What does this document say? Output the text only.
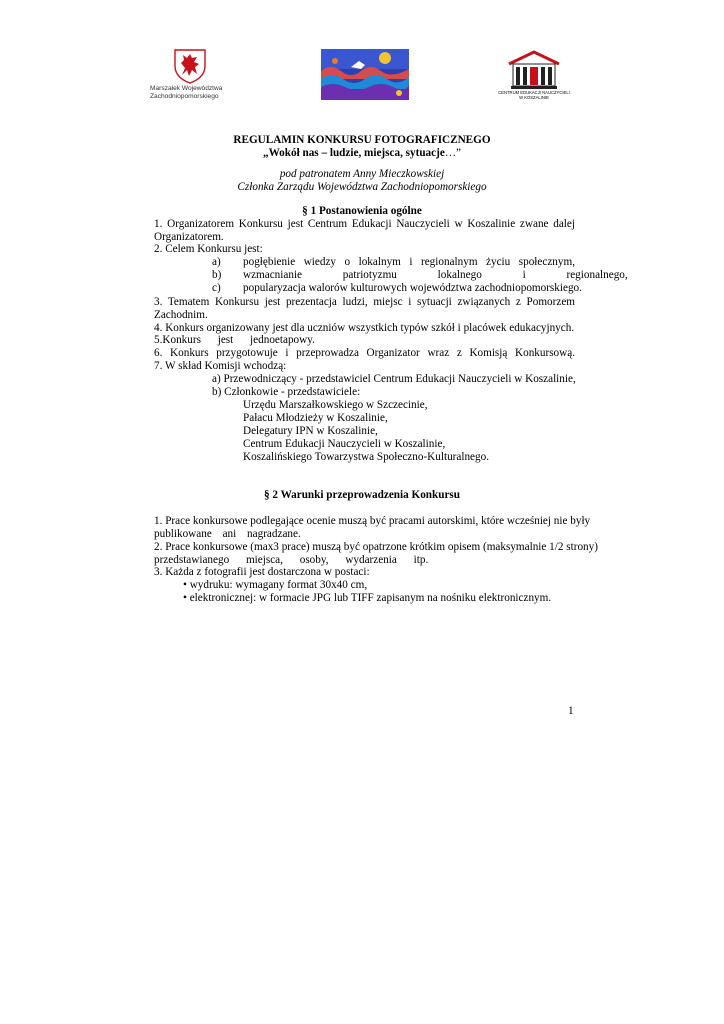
Marszałek Województwa
Zachodniopomorskiego
CENTRUM EDUKACJI NAUCZYCIELI
W KOSZALINIE
REGULAMIN KONKURSU FOTOGRAFICZNEGO
„Wokół nas – ludzie, miejsca, sytuacje…”
pod patronatem Anny Mieczkowskiej
Członka Zarządu Województwa Zachodniopomorskiego
§ 1 Postanowienia ogólne
1. Organizatorem Konkursu jest Centrum Edukacji Nauczycieli w Koszalinie zwane dalej
Organizatorem.
2. Celem Konkursu jest:
a) pogłębienie wiedzy o lokalnym i regionalnym życiu społecznym,
b) wzmacnianie patriotyzmu lokalnego i regionalnego,
c) popularyzacja walorów kulturowych województwa zachodniopomorskiego.
3. Tematem Konkursu jest prezentacja ludzi, miejsc i sytuacji związanych z Pomorzem
Zachodnim.
4. Konkurs organizowany jest dla uczniów wszystkich typów szkół i placówek edukacyjnych.
5.Konkurs jest jednoetapowy.
6. Konkurs przygotowuje i przeprowadza Organizator wraz z Komisją Konkursową.
7. W skład Komisji wchodzą:
a) Przewodniczący - przedstawiciel Centrum Edukacji Nauczycieli w Koszalinie,
b) Członkowie - przedstawiciele:
Urzędu Marszałkowskiego w Szczecinie,
Pałacu Młodzieży w Koszalinie,
Delegatury IPN w Koszalinie,
Centrum Edukacji Nauczycieli w Koszalinie,
Koszalińskiego Towarzystwa Społeczno-Kulturalnego.
§ 2 Warunki przeprowadzenia Konkursu
1. Prace konkursowe podlegające ocenie muszą być pracami autorskimi, które wcześniej nie były
publikowane ani nagradzane.
2. Prace konkursowe (max3 prace) muszą być opatrzone krótkim opisem (maksymalnie 1/2 strony)
przedstawianego miejsca, osoby, wydarzenia itp.
3. Każda z fotografii jest dostarczona w postaci:
• wydruku: wymagany format 30x40 cm,
• elektronicznej: w formacie JPG lub TIFF zapisanym na nośniku elektronicznym.
1
